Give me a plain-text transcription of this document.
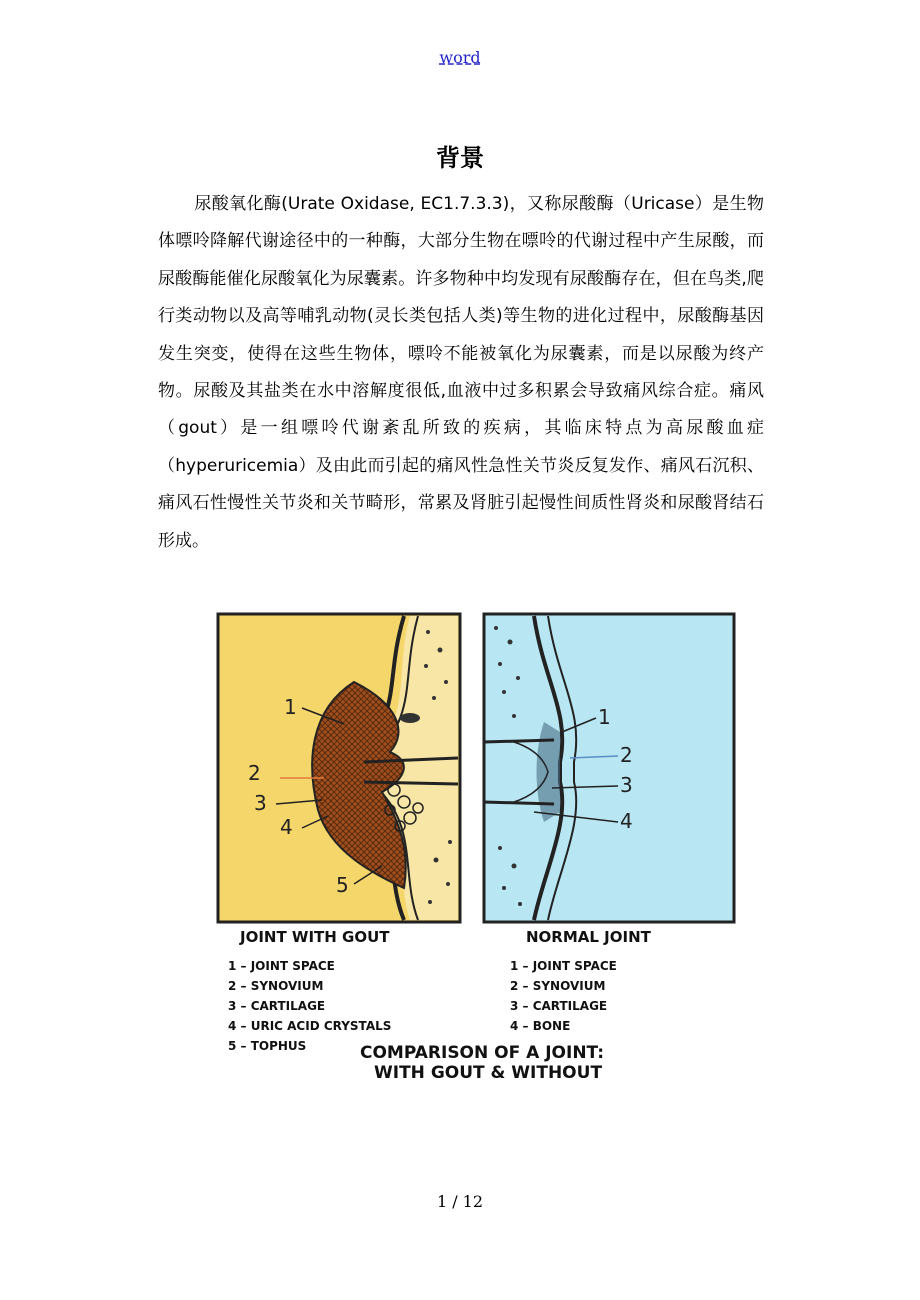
word
背景

尿酸氧化酶(Urate Oxidase, EC1.7.3.3)，又称尿酸酶（Uricase）是生物体嘌呤降解代谢途径中的一种酶，大部分生物在嘌呤的代谢过程中产生尿酸，而尿酸酶能催化尿酸氧化为尿囊素。许多物种中均发现有尿酸酶存在，但在鸟类,爬行类动物以及高等哺乳动物(灵长类包括人类)等生物的进化过程中，尿酸酶基因发生突变，使得在这些生物体，嘌呤不能被氧化为尿囊素，而是以尿酸为终产物。尿酸及其盐类在水中溶解度很低,血液中过多积累会导致痛风综合症。痛风（gout）是一组嘌呤代谢紊乱所致的疾病，其临床特点为高尿酸血症（hyperuricemia）及由此而引起的痛风性急性关节炎反复发作、痛风石沉积、痛风石性慢性关节炎和关节畸形，常累及肾脏引起慢性间质性肾炎和尿酸肾结石形成。

1
2
3
4
5
1
2
3
4
JOINT WITH GOUT	NORMAL JOINT
1 – JOINT SPACE
2 – SYNOVIUM
3 – CARTILAGE
4 – URIC ACID CRYSTALS
5 – TOPHUS
1 – JOINT SPACE
2 – SYNOVIUM
3 – CARTILAGE
4 – BONE
COMPARISON OF A JOINT:
WITH GOUT & WITHOUT
1 / 12
